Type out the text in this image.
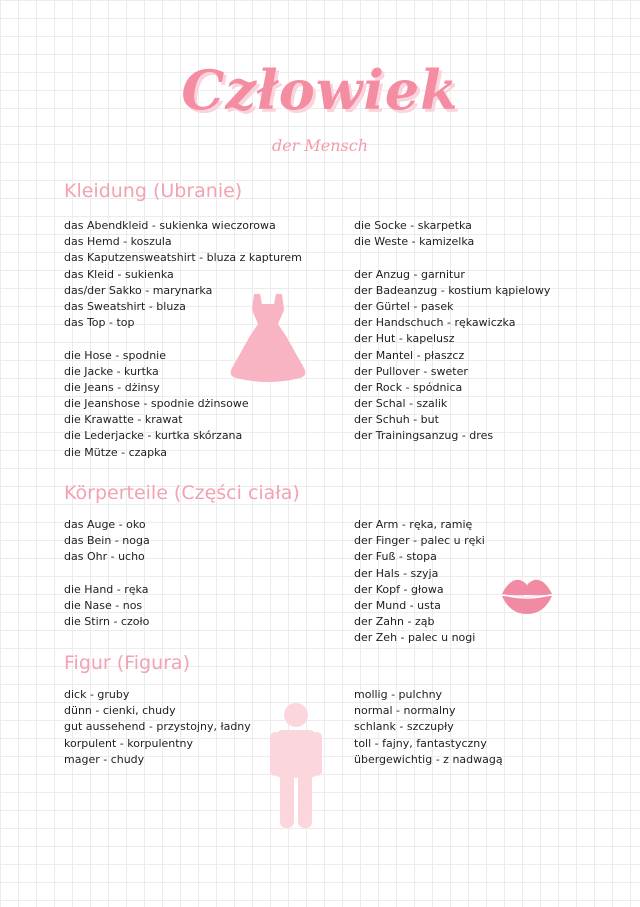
Człowiek
der Mensch
Kleidung (Ubranie)
das Abendkleid - sukienka wieczorowa
das Hemd - koszula
das Kaputzensweatshirt - bluza z kapturem
das Kleid - sukienka
das/der Sakko - marynarka
das Sweatshirt - bluza
das Top - top

die Hose - spodnie
die Jacke - kurtka
die Jeans - dżinsy
die Jeanshose - spodnie dżinsowe
die Krawatte - krawat
die Lederjacke - kurtka skórzana
die Mütze - czapka
die Socke - skarpetka
die Weste - kamizelka

der Anzug - garnitur
der Badeanzug - kostium kąpielowy
der Gürtel - pasek
der Handschuch - rękawiczka
der Hut - kapelusz
der Mantel - płaszcz
der Pullover - sweter
der Rock - spódnica
der Schal - szalik
der Schuh - but
der Trainingsanzug - dres
Körperteile (Części ciała)
das Auge - oko
das Bein - noga
das Ohr - ucho

die Hand - ręka
die Nase - nos
die Stirn - czoło
der Arm - ręka, ramię
der Finger - palec u ręki
der Fuß - stopa
der Hals - szyja
der Kopf - głowa
der Mund - usta
der Zahn - ząb
der Zeh - palec u nogi
Figur (Figura)
dick - gruby
dünn - cienki, chudy
gut aussehend - przystojny, ładny
korpulent - korpulentny
mager - chudy
mollig - pulchny
normal - normalny
schlank - szczupły
toll - fajny, fantastyczny
übergewichtig - z nadwagą
